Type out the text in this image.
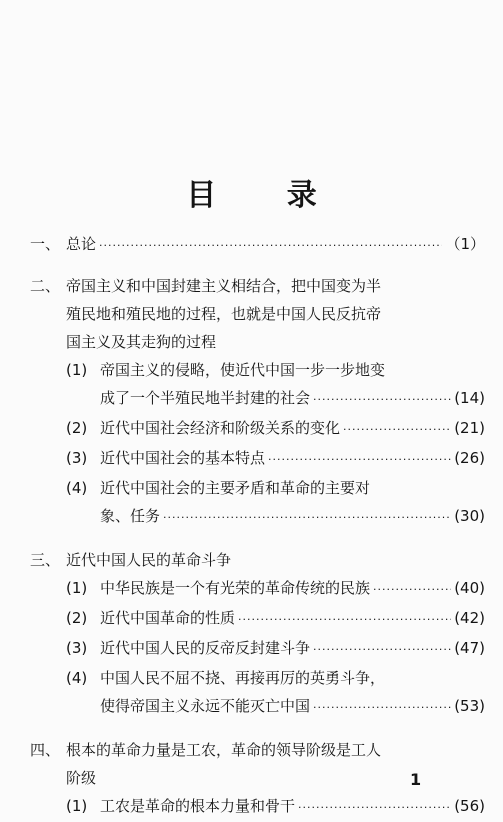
目 录
一、 总论 ·····	（1）
二、 帝国主义和中国封建主义相结合，把中国变为半
殖民地和殖民地的过程，也就是中国人民反抗帝
国主义及其走狗的过程
(1) 帝国主义的侵略，使近代中国一步一步地变
成了一个半殖民地半封建的社会 ·····	(14)
(2) 近代中国社会经济和阶级关系的变化 ·····	(21)
(3) 近代中国社会的基本特点 ·····	(26)
(4) 近代中国社会的主要矛盾和革命的主要对
象、任务 ·····	(30)
三、 近代中国人民的革命斗争
(1) 中华民族是一个有光荣的革命传统的民族 ·····	(40)
(2) 近代中国革命的性质 ·····	(42)
(3) 近代中国人民的反帝反封建斗争 ·····	(47)
(4) 中国人民不屈不挠、再接再厉的英勇斗争，
使得帝国主义永远不能灭亡中国 ·····	(53)
四、 根本的革命力量是工农，革命的领导阶级是工人
阶级
(1) 工农是革命的根本力量和骨干 ·····	(56)
1
